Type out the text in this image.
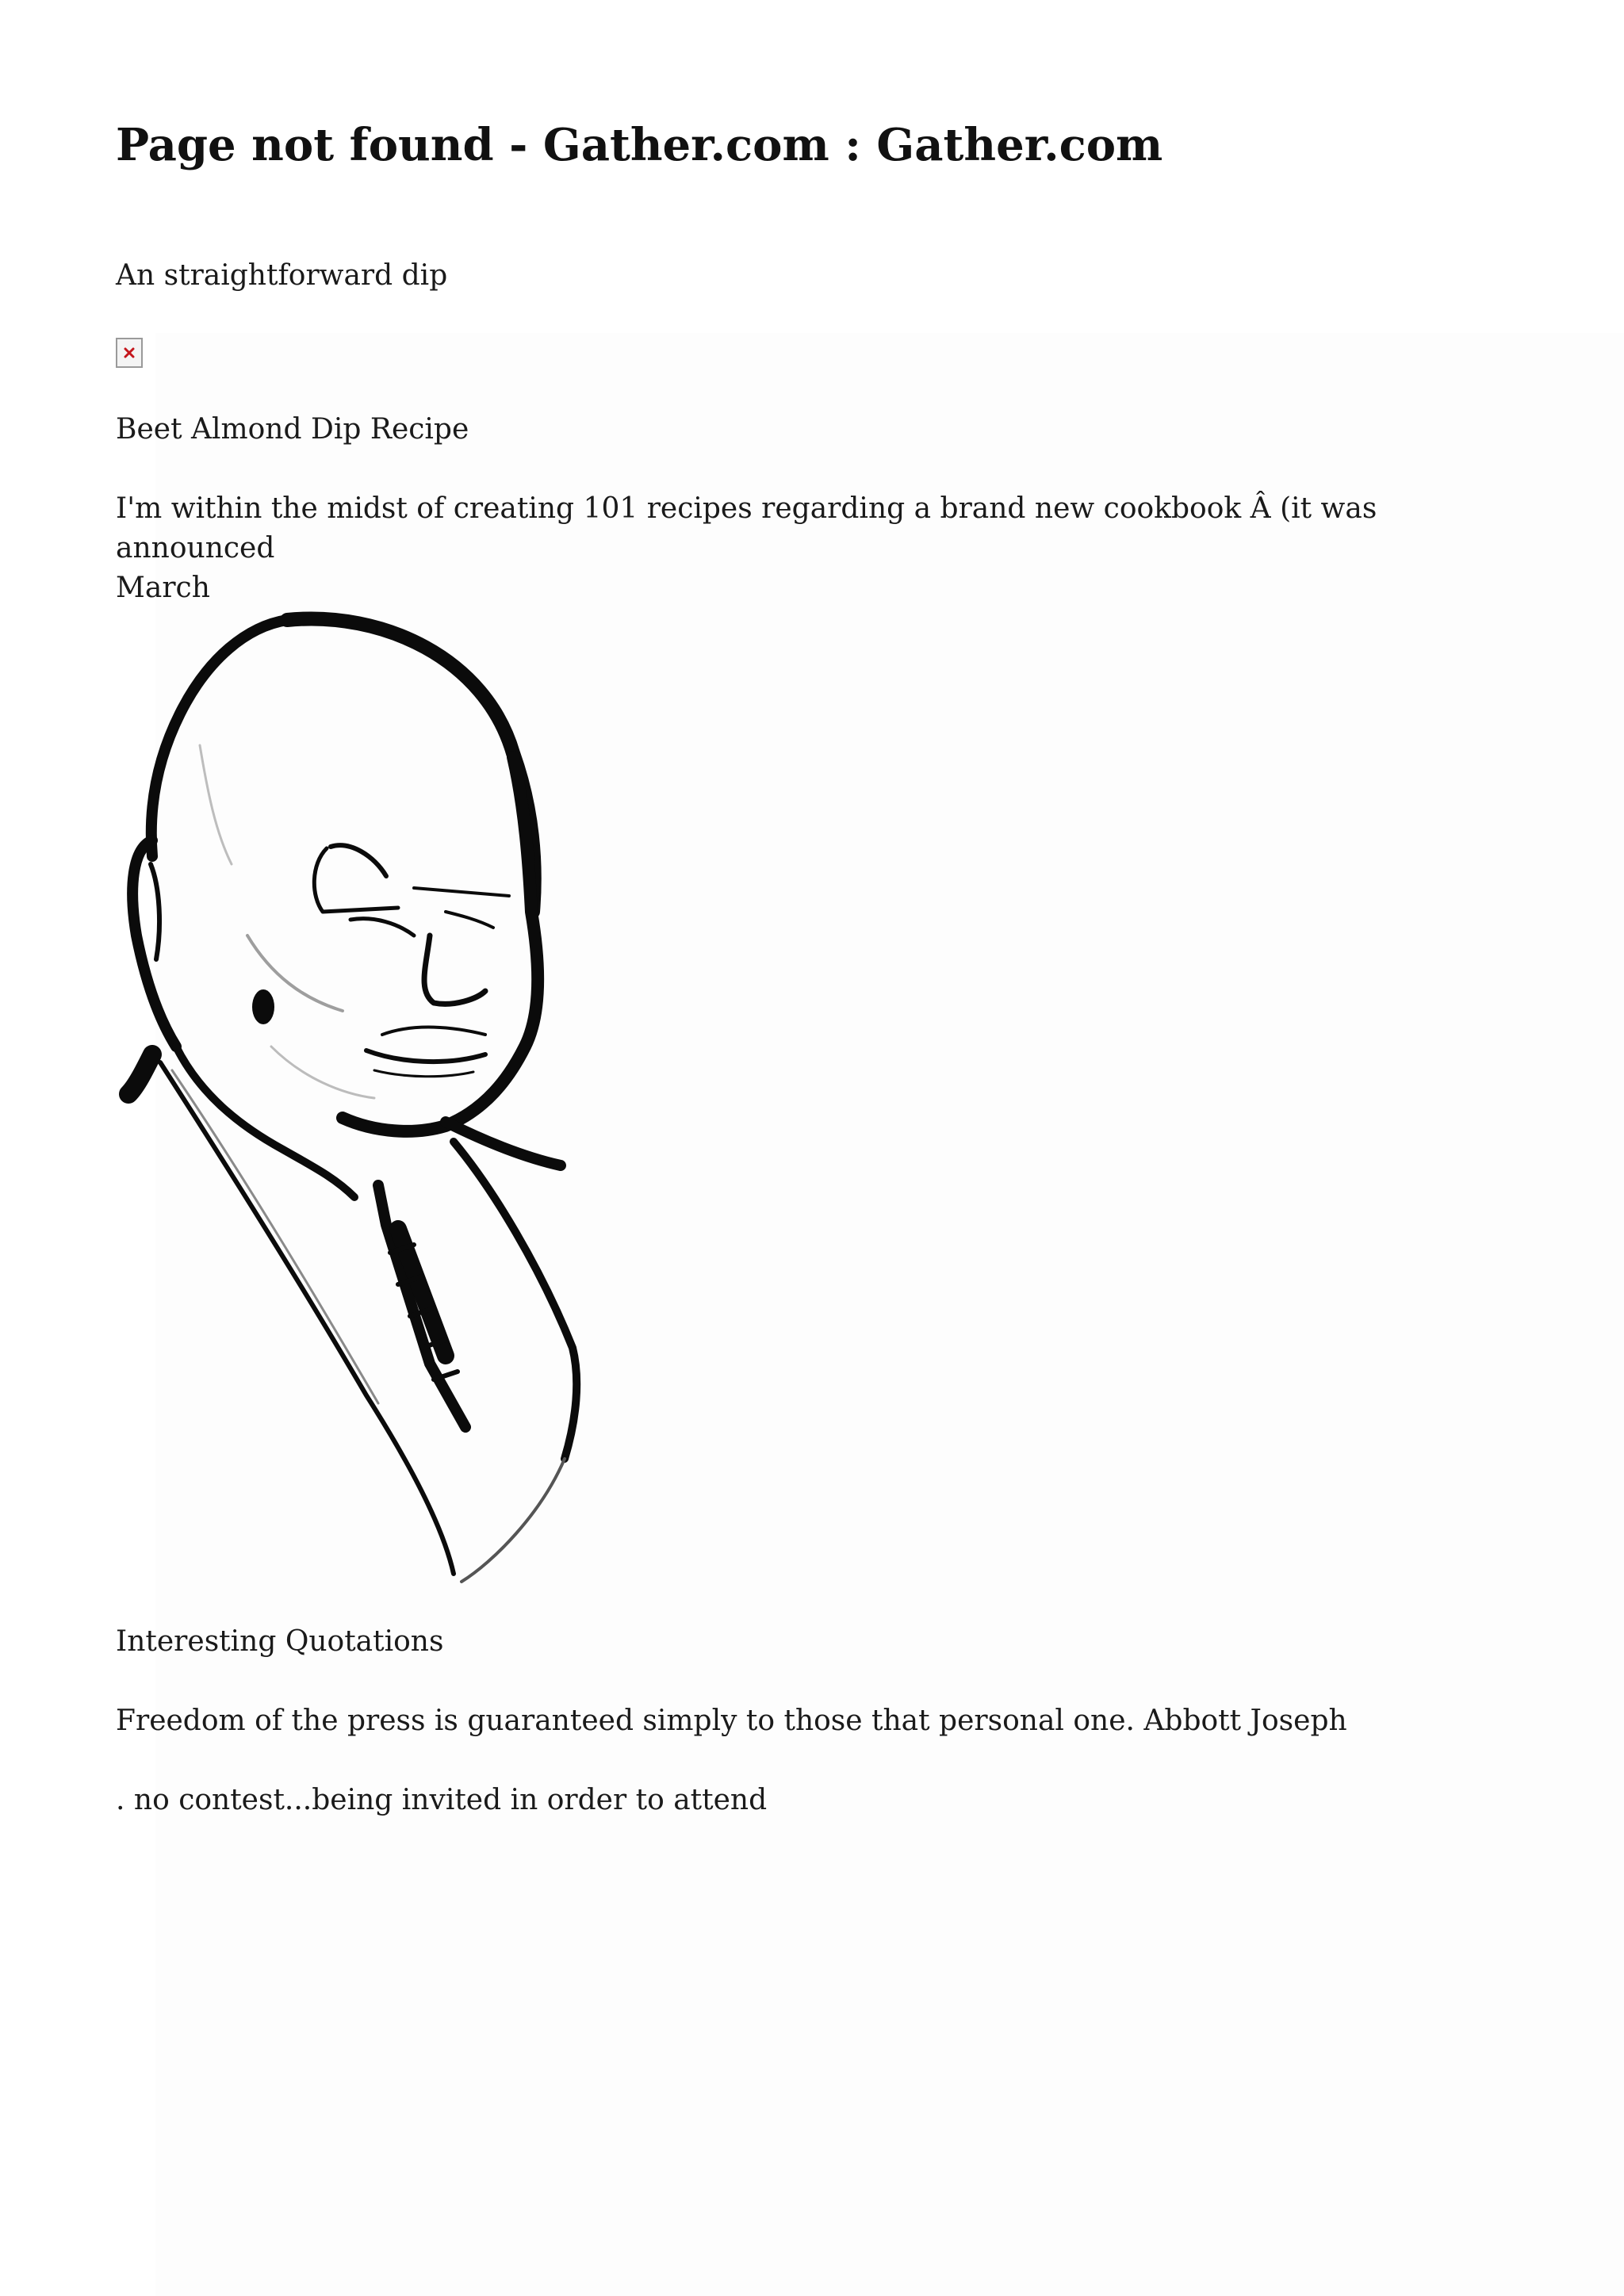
Page not found - Gather.com : Gather.com

An straightforward dip

Beet Almond Dip Recipe

I'm within the midst of creating 101 recipes regarding a brand new cookbook Â (it was announced
March

Interesting Quotations

Freedom of the press is guaranteed simply to those that personal one. Abbott Joseph

. no contest...being invited in order to attend
